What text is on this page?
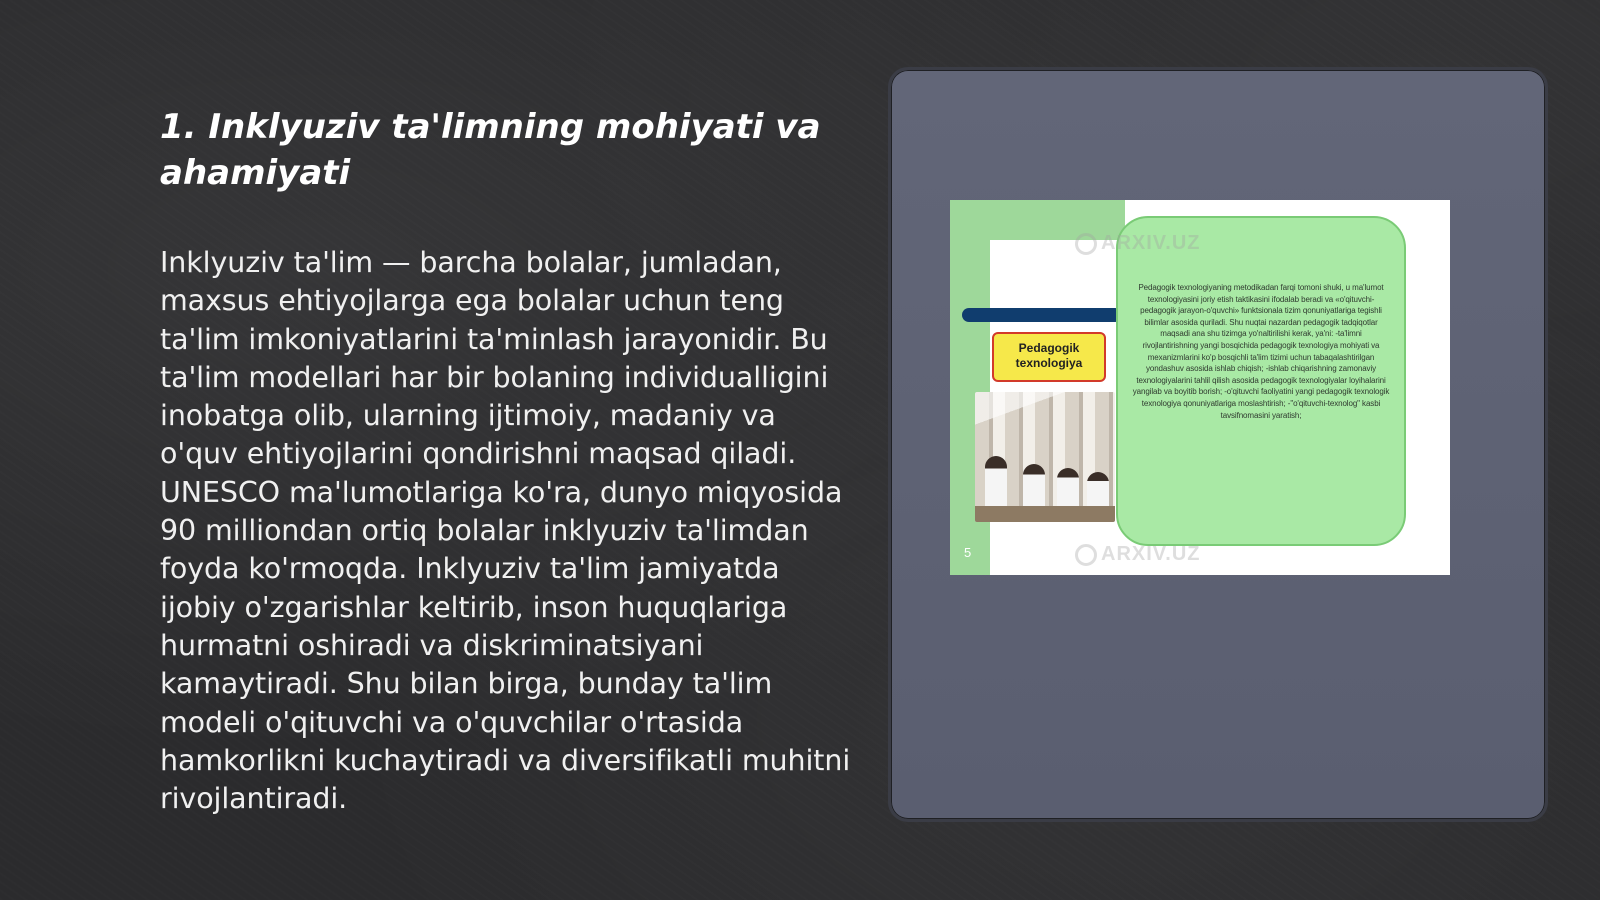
1. Inklyuziv ta'limning mohiyati va ahamiyati

Inklyuziv ta'lim — barcha bolalar, jumladan, maxsus ehtiyojlarga ega bolalar uchun teng ta'lim imkoniyatlarini ta'minlash jarayonidir. Bu ta'lim modellari har bir bolaning individualligini inobatga olib, ularning ijtimoiy, madaniy va o'quv ehtiyojlarini qondirishni maqsad qiladi. UNESCO ma'lumotlariga ko'ra, dunyo miqyosida 90 milliondan ortiq bolalar inklyuziv ta'limdan foyda ko'rmoqda. Inklyuziv ta'lim jamiyatda ijobiy o'zgarishlar keltirib, inson huquqlariga hurmatni oshiradi va diskriminatsiyani kamaytiradi. Shu bilan birga, bunday ta'lim modeli o'qituvchi va o'quvchilar o'rtasida hamkorlikni kuchaytiradi va diversifikatli muhitni rivojlantiradi.

Pedagogik texnologiya
5

Pedagogik texnologiyaning metodikadan farqi tomoni shuki, u ma'lumot texnologiyasini joriy etish taktikasini ifodalab beradi va «o'qituvchi-pedagogik jarayon-o'quvchi» funktsionalа tizim qonuniyatlariga tegishli bilimlar asosida quriladi. Shu nuqtai nazardan pedagogik tadqiqotlar maqsadi ana shu tizimga yo'naltirilishi kerak, ya'ni: -ta'limni rivojlantirishning yangi bosqichida pedagogik texnologiya mohiyati va mexanizmlarini ko'p bosqichli ta'lim tizimi uchun tabaqalashtirilgan yondashuv asosida ishlab chiqish; -ishlab chiqarishning zamonaviy texnologiyalarini tahlil qilish asosida pedagogik texnologiyalar loyihalarini yangilab va boyitib borish; -o'qituvchi faoliyatini yangi pedagogik texnologik texnologiya qonuniyatlariga moslashtirish; -"o'qituvchi-texnolog" kasbi tavsifnomasini yaratish;

ARXIV.UZ
ARXIV.UZ
